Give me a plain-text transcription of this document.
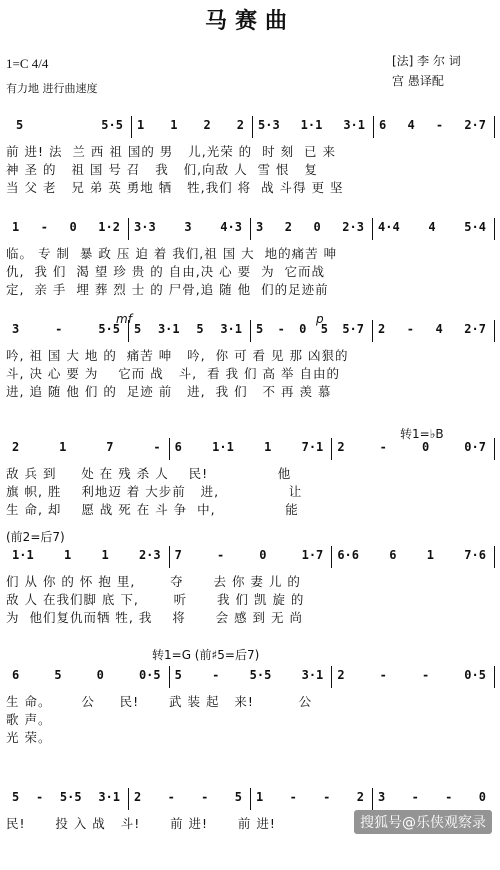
马赛曲
1=C 4/4
有力地 进行曲速度
[法] 李 尔 词
宫 愚译配
mf	p
转1=♭B
(前2=后7)
转1=G (前♯5=后7)
5	5·5 1 1 2 2 5·3 1·1 3·1 6 4 - 2·7
前 进! 法  兰 西 祖 国的 男   儿,光荣 的  时 刻  已 来
神 圣 的   祖 国 号 召   我   们,向敌 人  雪 恨   复
当 父 老   兄 弟 英 勇地 牺   牲,我们 将  战 斗得 更 坚
1 - 0 1·2 3·3 3 4·3 3 2 0 2·3 4·4 4 5·4
临。 专 制  暴 政 压 迫 着 我们,祖 国 大  地的痛苦 呻
仇,  我 们  渴 望 珍 贵 的 自由,决 心 要  为  它而战
定,  亲 手  埋 葬 烈 士 的 尸骨,追 随 他  们的足迹前
3	-	5·5 5 3·1 5 3·1 5 - 0 5 5·7 2 - 4 2·7
吟, 祖 国 大 地 的  痛苦 呻   吟,  你 可 看 见 那 凶狠的
斗, 决 心 要 为    它而 战   斗,  看 我 们 高 举 自由的
进, 追 随 他 们 的  足迹 前   进,  我 们   不 再 羡 慕
2	1	7	- 6	1·1	1	7·1 2	-	0	0·7
敌 兵 到     处 在 残 杀 人    民!              他
旗 帜, 胜    利地迈 着 大步前   进,              让
生 命, 却    愿 战 死 在 斗 争  中,              能
1·1	1	1	2·3 7	-	0	1·7 6·6	6	1	7·6
们 从 你 的 怀 抱 里,       夺      去 你 妻 儿 的
敌 人 在我们脚 底 下,       听      我 们 凯 旋 的
为  他们复仇而牺 牲, 我    将      会 感 到 无 尚
6	5	0	0·5 5	-	5·5	3·1 2	-	-	0·5
生 命。      公     民!      武 装 起   来!         公
歌 声。
光 荣。
5 - 5·5 3·1 2 - - 5 1 - - 2 3 - - 0
民!      投 入 战   斗!      前 进!      前 进!	搜狐号@乐侠观察录
